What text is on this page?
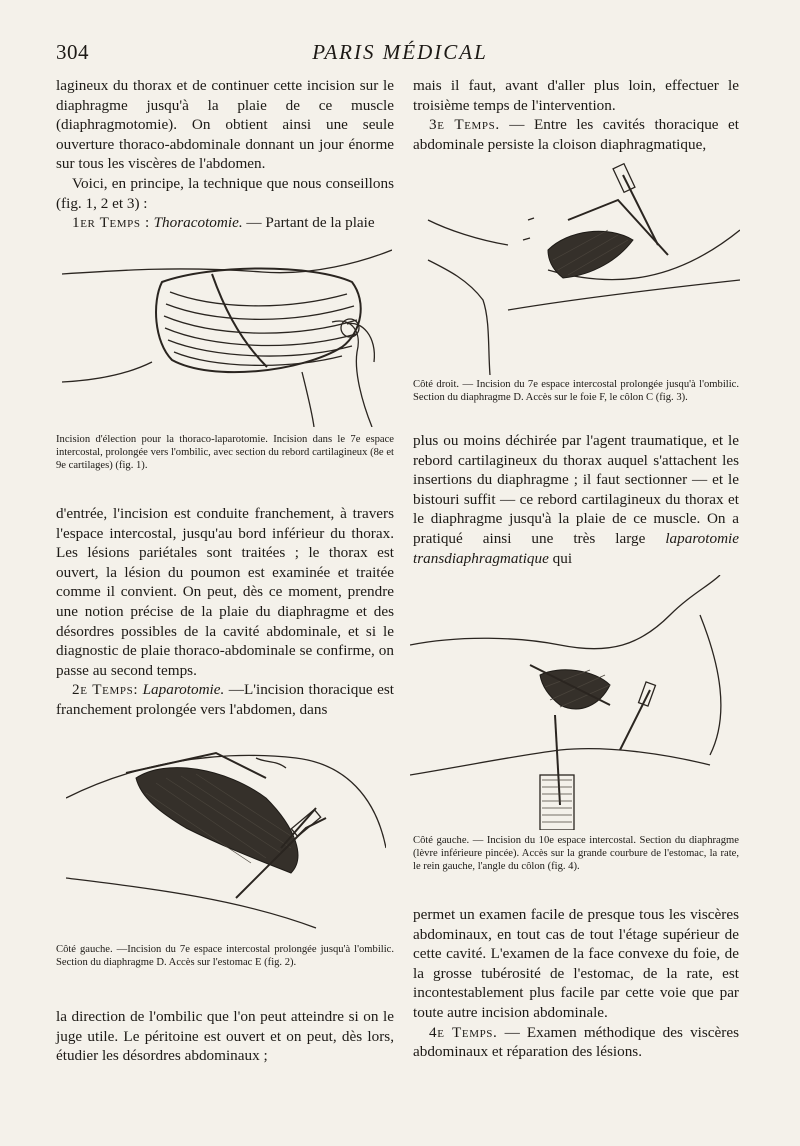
304	PARIS MÉDICAL

lagineux du thorax et de continuer cette incision sur le diaphragme jusqu'à la plaie de ce muscle (diaphragmotomie). On obtient ainsi une seule ouverture thoraco-abdominale donnant un jour énorme sur tous les viscères de l'abdomen.

Voici, en principe, la technique que nous conseillons (fig. 1, 2 et 3) :

1er Temps : Thoracotomie. — Partant de la plaie

Incision d'élection pour la thoraco-laparotomie. Incision dans le 7e espace intercostal, prolongée vers l'ombilic, avec section du rebord cartilagineux (8e et 9e cartilages) (fig. 1).

d'entrée, l'incision est conduite franchement, à travers l'espace intercostal, jusqu'au bord inférieur du thorax. Les lésions pariétales sont traitées ; le thorax est ouvert, la lésion du poumon est examinée et traitée comme il convient. On peut, dès ce moment, prendre une notion précise de la plaie du diaphragme et des désordres possibles de la cavité abdominale, et si le diagnostic de plaie thoraco-abdominale se confirme, on passe au second temps.

2e Temps: Laparotomie. —L'incision thoracique est franchement prolongée vers l'abdomen, dans

Côté gauche. —Incision du 7e espace intercostal prolongée jusqu'à l'ombilic. Section du diaphragme D. Accès sur l'estomac E (fig. 2).

la direction de l'ombilic que l'on peut atteindre si on le juge utile. Le péritoine est ouvert et on peut, dès lors, étudier les désordres abdominaux ;

mais il faut, avant d'aller plus loin, effectuer le troisième temps de l'intervention.

3e Temps. — Entre les cavités thoracique et abdominale persiste la cloison diaphragmatique,

Côté droit. — Incision du 7e espace intercostal prolongée jusqu'à l'ombilic. Section du diaphragme D. Accès sur le foie F, le côlon C (fig. 3).

plus ou moins déchirée par l'agent traumatique, et le rebord cartilagineux du thorax auquel s'attachent les insertions du diaphragme ; il faut sectionner — et le bistouri suffit — ce rebord cartilagineux du thorax et le diaphragme jusqu'à la plaie de ce muscle. On a pratiqué ainsi une très large laparotomie transdiaphragmatique qui

Côté gauche. — Incision du 10e espace intercostal. Section du diaphragme (lèvre inférieure pincée). Accès sur la grande courbure de l'estomac, la rate, le rein gauche, l'angle du côlon (fig. 4).

permet un examen facile de presque tous les viscères abdominaux, en tout cas de tout l'étage supérieur de cette cavité. L'examen de la face convexe du foie, de la grosse tubérosité de l'estomac, de la rate, est incontestablement plus facile par cette voie que par toute autre incision abdominale.

4e Temps. — Examen méthodique des viscères abdominaux et réparation des lésions.
